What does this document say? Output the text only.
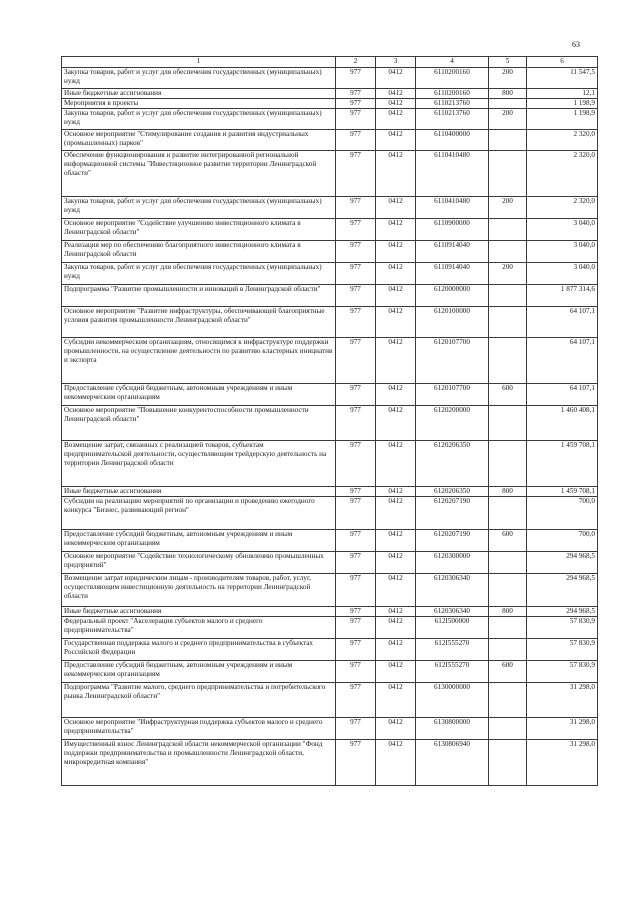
63
1	2	3	4	5	6
Закупка товаров, работ и услуг для обеспечения государственных (муниципальных) нужд	977	0412	6110200160	200	11 547,5
Иные бюджетные ассигнования	977	0412	6110200160	800	12,1
Мероприятия в проекты	977	0412	6110213760		1 198,9
Закупка товаров, работ и услуг для обеспечения государственных (муниципальных) нужд	977	0412	6110213760	200	1 198,9
Основное мероприятие "Стимулирование создания и развития индустриальных (промышленных) парков"	977	0412	6110400000		2 320,0
Обеспечение функционирования и развитие интегрированной региональной информационной системы "Инвестиционное развитие территории Ленинградской области"	977	0412	6110410480		2 320,0
Закупка товаров, работ и услуг для обеспечения государственных (муниципальных) нужд	977	0412	6110410480	200	2 320,0
Основное мероприятие "Содействие улучшению инвестиционного климата в Ленинградской области"	977	0412	6110900000		3 040,0
Реализация мер по обеспечению благоприятного инвестиционного климата в Ленинградской области	977	0412	6110914040		3 040,0
Закупка товаров, работ и услуг для обеспечения государственных (муниципальных) нужд	977	0412	6110914040	200	3 040,0
Подпрограмма "Развитие промышленности и инноваций в Ленинградской области"	977	0412	6120000000		1 877 314,6
Основное мероприятие "Развитие инфраструктуры, обеспечивающей благоприятные условия развития промышленности Ленинградской области"	977	0412	6120100000		64 107,1
Субсидии некоммерческим организациям, относящимся к инфраструктуре поддержки промышленности, на осуществление деятельности по развитию кластерных инициатив и экспорта	977	0412	6120107700		64 107,1
Предоставление субсидий бюджетным, автономным учреждениям и иным некоммерческим организациям	977	0412	6120107700	600	64 107,1
Основное мероприятие "Повышение конкурентоспособности промышленности Ленинградской области"	977	0412	6120200000		1 460 408,1
Возмещение затрат, связанных с реализацией товаров, субъектам предпринимательской деятельности, осуществляющим трейдерскую деятельность на территории Ленинградской области	977	0412	6120206350		1 459 708,1
Иные бюджетные ассигнования	977	0412	6120206350	800	1 459 708,1
Субсидии на реализацию мероприятий по организации и проведению ежегодного конкурса "Бизнес, развивающий регион"	977	0412	6120207190		700,0
Предоставление субсидий бюджетным, автономным учреждениям и иным некоммерческим организациям	977	0412	6120207190	600	700,0
Основное мероприятие "Содействие технологическому обновлению промышленных предприятий"	977	0412	6120300000		294 968,5
Возмещение затрат юридическим лицам - производителям товаров, работ, услуг, осуществляющим инвестиционную деятельность на территории Ленинградской области	977	0412	6120306340		294 968,5
Иные бюджетные ассигнования	977	0412	6120306340	800	294 968,5
Федеральный проект "Акселерация субъектов малого и среднего предпринимательства"	977	0412	612I500000		57 830,9
Государственная поддержка малого и среднего предпринимательства в субъектах Российской Федерации	977	0412	612I555270		57 830,9
Предоставление субсидий бюджетным, автономным учреждениям и иным некоммерческим организациям	977	0412	612I555270	600	57 830,9
Подпрограмма "Развитие малого, среднего предпринимательства и потребительского рынка Ленинградской области"	977	0412	6130000000		31 298,0
Основное мероприятие "Инфраструктурная поддержка субъектов малого и среднего предпринимательства"	977	0412	6130800000		31 298,0
Имущественный взнос Ленинградской области некоммерческой организации "Фонд поддержки предпринимательства и промышленности Ленинградской области, микрокредитная компания"	977	0412	6130806940		31 298,0
